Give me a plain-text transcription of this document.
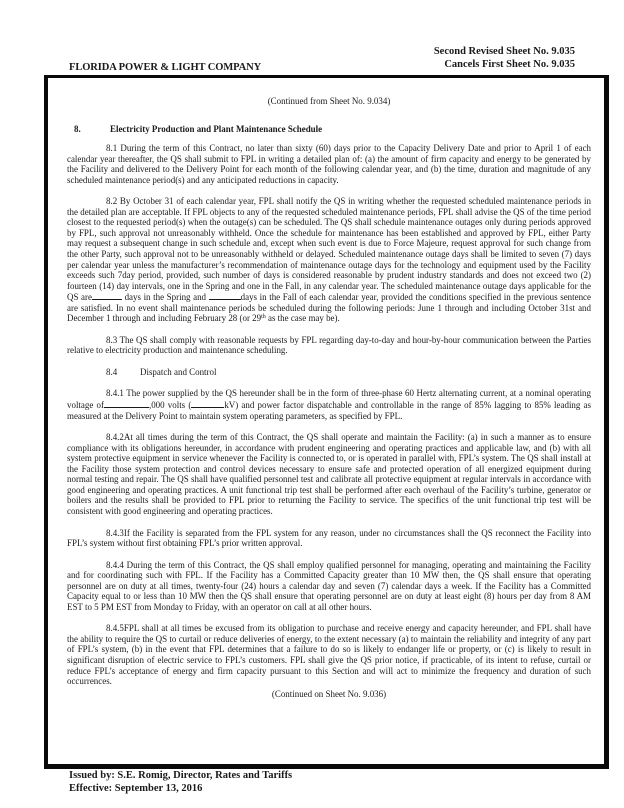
FLORIDA POWER & LIGHT COMPANY
Second Revised Sheet No. 9.035
Cancels First Sheet No. 9.035
(Continued from Sheet No. 9.034)
8.	Electricity Production and Plant Maintenance Schedule

8.1 During the term of this Contract, no later than sixty (60) days prior to the Capacity Delivery Date and prior to April 1 of each calendar year thereafter, the QS shall submit to FPL in writing a detailed plan of: (a) the amount of firm capacity and energy to be generated by the Facility and delivered to the Delivery Point for each month of the following calendar year, and (b) the time, duration and magnitude of any scheduled maintenance period(s) and any anticipated reductions in capacity.

8.2 By October 31 of each calendar year, FPL shall notify the QS in writing whether the requested scheduled maintenance periods in the detailed plan are acceptable. If FPL objects to any of the requested scheduled maintenance periods, FPL shall advise the QS of the time period closest to the requested period(s) when the outage(s) can be scheduled. The QS shall schedule maintenance outages only during periods approved by FPL, such approval not unreasonably withheld. Once the schedule for maintenance has been established and approved by FPL, either Party may request a subsequent change in such schedule and, except when such event is due to Force Majeure, request approval for such change from the other Party, such approval not to be unreasonably withheld or delayed. Scheduled maintenance outage days shall be limited to seven (7) days per calendar year unless the manufacturer’s recommendation of maintenance outage days for the technology and equipment used by the Facility exceeds such 7day period, provided, such number of days is considered reasonable by prudent industry standards and does not exceed two (2) fourteen (14) day intervals, one in the Spring and one in the Fall, in any calendar year. The scheduled maintenance outage days applicable for the QS are	days in the Spring and	days in the Fall of each calendar year, provided the conditions specified in the previous sentence are satisfied. In no event shall maintenance periods be scheduled during the following periods: June 1 through and including October 31st and December 1 through and including February 28 (or 29th as the case may be).

8.3 The QS shall comply with reasonable requests by FPL regarding day-to-day and hour-by-hour communication between the Parties relative to electricity production and maintenance scheduling.

8.4	Dispatch and Control

8.4.1 The power supplied by the QS hereunder shall be in the form of three-phase 60 Hertz alternating current, at a nominal operating voltage of	,000 volts (	kV) and power factor dispatchable and controllable in the range of 85% lagging to 85% leading as measured at the Delivery Point to maintain system operating parameters, as specified by FPL.

8.4.2At all times during the term of this Contract, the QS shall operate and maintain the Facility: (a) in such a manner as to ensure compliance with its obligations hereunder, in accordance with prudent engineering and operating practices and applicable law, and (b) with all system protective equipment in service whenever the Facility is connected to, or is operated in parallel with, FPL’s system. The QS shall install at the Facility those system protection and control devices necessary to ensure safe and protected operation of all energized equipment during normal testing and repair. The QS shall have qualified personnel test and calibrate all protective equipment at regular intervals in accordance with good engineering and operating practices. A unit functional trip test shall be performed after each overhaul of the Facility’s turbine, generator or boilers and the results shall be provided to FPL prior to returning the Facility to service. The specifics of the unit functional trip test will be consistent with good engineering and operating practices.

8.4.3If the Facility is separated from the FPL system for any reason, under no circumstances shall the QS reconnect the Facility into FPL’s system without first obtaining FPL’s prior written approval.

8.4.4 During the term of this Contract, the QS shall employ qualified personnel for managing, operating and maintaining the Facility and for coordinating such with FPL. If the Facility has a Committed Capacity greater than 10 MW then, the QS shall ensure that operating personnel are on duty at all times, twenty-four (24) hours a calendar day and seven (7) calendar days a week. If the Facility has a Committed Capacity equal to or less than 10 MW then the QS shall ensure that operating personnel are on duty at least eight (8) hours per day from 8 AM EST to 5 PM EST from Monday to Friday, with an operator on call at all other hours.

8.4.5FPL shall at all times be excused from its obligation to purchase and receive energy and capacity hereunder, and FPL shall have the ability to require the QS to curtail or reduce deliveries of energy, to the extent necessary (a) to maintain the reliability and integrity of any part of FPL’s system, (b) in the event that FPL determines that a failure to do so is likely to endanger life or property, or (c) is likely to result in significant disruption of electric service to FPL’s customers. FPL shall give the QS prior notice, if practicable, of its intent to refuse, curtail or reduce FPL’s acceptance of energy and firm capacity pursuant to this Section and will act to minimize the frequency and duration of such occurrences.

(Continued on Sheet No. 9.036)
Issued by: S.E. Romig, Director, Rates and Tariffs
Effective: September 13, 2016
